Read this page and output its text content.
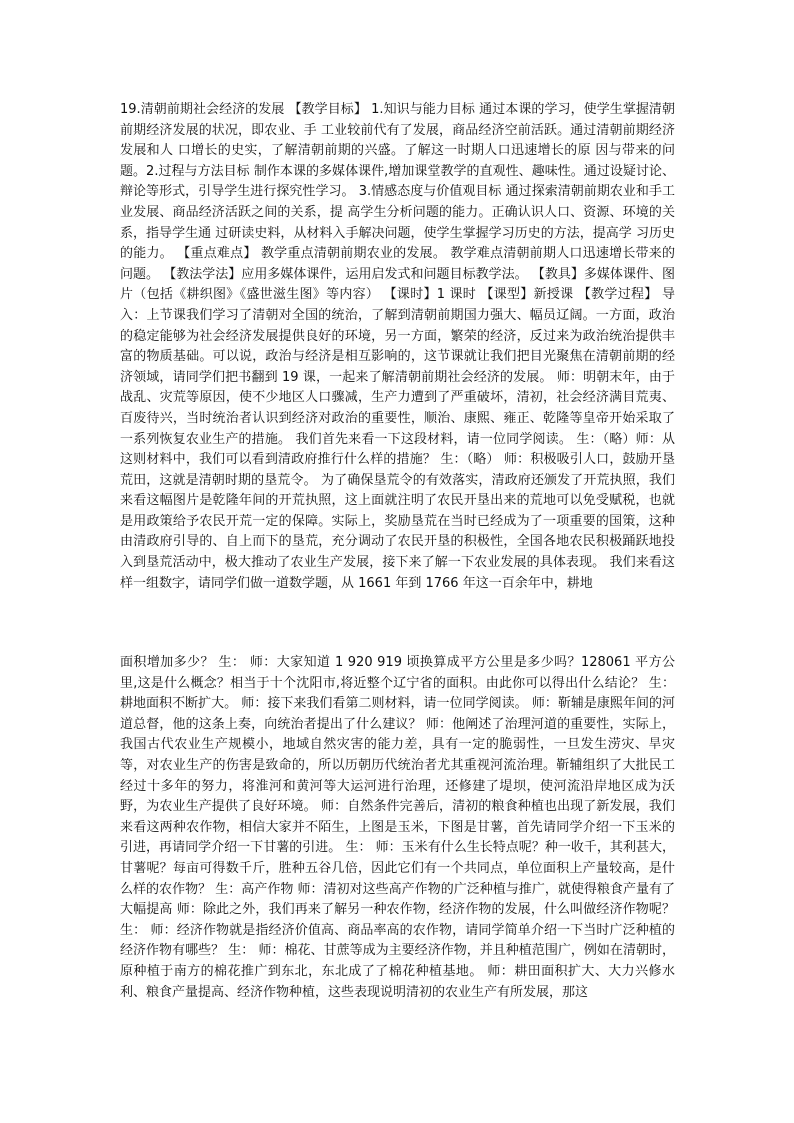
19.清朝前期社会经济的发展 【教学目标】 1.知识与能力目标 通过本课的学习，使学生掌握清朝前期经济发展的状况，即农业、手 工业较前代有了发展，商品经济空前活跃。通过清朝前期经济发展和人 口增长的史实，了解清朝前期的兴盛。了解这一时期人口迅速增长的原 因与带来的问题。2.过程与方法目标 制作本课的多媒体课件,增加课堂教学的直观性、趣味性。通过设疑讨论、辩论等形式，引导学生进行探究性学习。 3.情感态度与价值观目标 通过探索清朝前期农业和手工业发展、商品经济活跃之间的关系，提 高学生分析问题的能力。正确认识人口、资源、环境的关系，指导学生通 过研读史料，从材料入手解决问题，使学生掌握学习历史的方法，提高学 习历史的能力。 【重点难点】 教学重点清朝前期农业的发展。 教学难点清朝前期人口迅速增长带来的问题。 【教法学法】应用多媒体课件，运用启发式和问题目标教学法。 【教具】多媒体课件、图片（包括《耕织图》《盛世滋生图》等内容） 【课时】1 课时 【课型】新授课 【教学过程】 导入：上节课我们学习了清朝对全国的统治，了解到清朝前期国力强大、幅员辽阔。一方面，政治的稳定能够为社会经济发展提供良好的环境，另一方面，繁荣的经济，反过来为政治统治提供丰富的物质基础。可以说，政治与经济是相互影响的，这节课就让我们把目光聚焦在清朝前期的经济领域，请同学们把书翻到 19 课，一起来了解清朝前期社会经济的发展。 师：明朝末年，由于战乱、灾荒等原因，使不少地区人口骤减，生产力遭到了严重破坏，清初，社会经济满目荒夷、百废待兴，当时统治者认识到经济对政治的重要性，顺治、康熙、雍正、乾隆等皇帝开始采取了一系列恢复农业生产的措施。 我们首先来看一下这段材料，请一位同学阅读。 生：（略）师：从这则材料中，我们可以看到清政府推行什么样的措施？ 生：（略） 师：积极吸引人口，鼓励开垦荒田，这就是清朝时期的垦荒令。 为了确保垦荒令的有效落实，清政府还颁发了开荒执照，我们来看这幅图片是乾隆年间的开荒执照，这上面就注明了农民开垦出来的荒地可以免受赋税，也就是用政策给予农民开荒一定的保障。实际上，奖励垦荒在当时已经成为了一项重要的国策，这种由清政府引导的、自上而下的垦荒，充分调动了农民开垦的积极性，全国各地农民积极踊跃地投入到垦荒活动中，极大推动了农业生产发展，接下来了解一下农业发展的具体表现。 我们来看这样一组数字，请同学们做一道数学题，从 1661 年到 1766 年这一百余年中，耕地

面积增加多少？ 生： 师：大家知道 1 920 919 顷换算成平方公里是多少吗？128061 平方公里,这是什么概念？相当于十个沈阳市,将近整个辽宁省的面积。由此你可以得出什么结论？ 生：耕地面积不断扩大。 师：接下来我们看第二则材料，请一位同学阅读。 师：靳辅是康熙年间的河道总督，他的这条上奏，向统治者提出了什么建议？ 师：他阐述了治理河道的重要性，实际上，我国古代农业生产规模小，地域自然灾害的能力差，具有一定的脆弱性，一旦发生涝灾、旱灾等，对农业生产的伤害是致命的，所以历朝历代统治者尤其重视河流治理。靳辅组织了大批民工经过十多年的努力，将淮河和黄河等大运河进行治理，还修建了堤坝，使河流沿岸地区成为沃野，为农业生产提供了良好环境。 师：自然条件完善后，清初的粮食种植也出现了新发展，我们来看这两种农作物，相信大家并不陌生，上图是玉米，下图是甘薯，首先请同学介绍一下玉米的引进，再请同学介绍一下甘薯的引进。 生： 师：玉米有什么生长特点呢？种一收千，其利甚大，甘薯呢？每亩可得数千斤，胜种五谷几倍，因此它们有一个共同点，单位面积上产量较高，是什么样的农作物？ 生：高产作物 师：清初对这些高产作物的广泛种植与推广，就使得粮食产量有了大幅提高 师：除此之外，我们再来了解另一种农作物，经济作物的发展，什么叫做经济作物呢？ 生： 师：经济作物就是指经济价值高、商品率高的农作物，请同学简单介绍一下当时广泛种植的经济作物有哪些？ 生： 师：棉花、甘蔗等成为主要经济作物，并且种植范围广，例如在清朝时，原种植于南方的棉花推广到东北，东北成了了棉花种植基地。 师：耕田面积扩大、大力兴修水利、粮食产量提高、经济作物种植，这些表现说明清初的农业生产有所发展，那这
